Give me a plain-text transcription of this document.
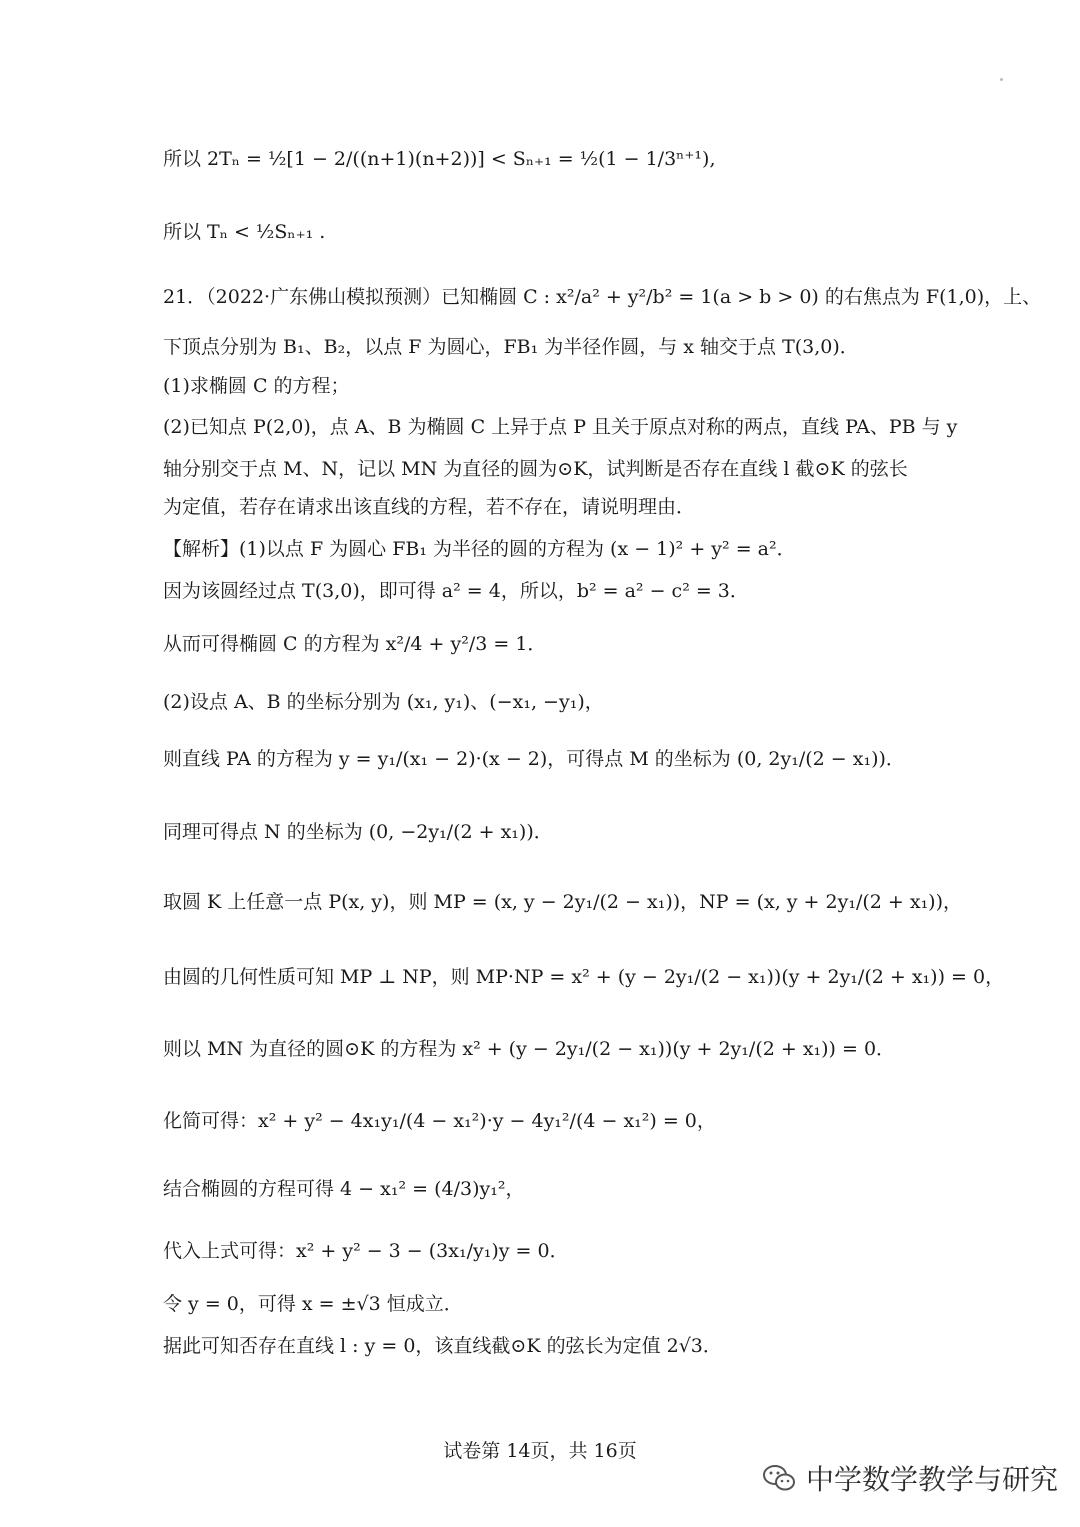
所以 2Tₙ = ½[1 − 2/((n+1)(n+2))] < Sₙ₊₁ = ½(1 − 1/3ⁿ⁺¹),
所以 Tₙ < ½Sₙ₊₁ .
21．（2022·广东佛山模拟预测）已知椭圆 C : x²/a² + y²/b² = 1(a > b > 0) 的右焦点为 F(1,0)，上、
下顶点分别为 B₁、B₂，以点 F 为圆心，FB₁ 为半径作圆，与 x 轴交于点 T(3,0)．
(1)求椭圆 C 的方程；
(2)已知点 P(2,0)，点 A、B 为椭圆 C 上异于点 P 且关于原点对称的两点，直线 PA、PB 与 y
轴分别交于点 M、N，记以 MN 为直径的圆为⊙K，试判断是否存在直线 l 截⊙K 的弦长
为定值，若存在请求出该直线的方程，若不存在，请说明理由．
【解析】(1)以点 F 为圆心 FB₁ 为半径的圆的方程为 (x − 1)² + y² = a²．
因为该圆经过点 T(3,0)，即可得 a² = 4，所以，b² = a² − c² = 3．
从而可得椭圆 C 的方程为 x²/4 + y²/3 = 1．
(2)设点 A、B 的坐标分别为 (x₁, y₁)、(−x₁, −y₁)，
则直线 PA 的方程为 y = y₁/(x₁ − 2)·(x − 2)，可得点 M 的坐标为 (0, 2y₁/(2 − x₁))．
同理可得点 N 的坐标为 (0, −2y₁/(2 + x₁))．
取圆 K 上任意一点 P(x, y)，则 MP = (x, y − 2y₁/(2 − x₁))，NP = (x, y + 2y₁/(2 + x₁))，
由圆的几何性质可知 MP ⊥ NP，则 MP·NP = x² + (y − 2y₁/(2 − x₁))(y + 2y₁/(2 + x₁)) = 0，
则以 MN 为直径的圆⊙K 的方程为 x² + (y − 2y₁/(2 − x₁))(y + 2y₁/(2 + x₁)) = 0．
化简可得：x² + y² − 4x₁y₁/(4 − x₁²)·y − 4y₁²/(4 − x₁²) = 0，
结合椭圆的方程可得 4 − x₁² = (4/3)y₁²，
代入上式可得：x² + y² − 3 − (3x₁/y₁)y = 0．
令 y = 0，可得 x = ±√3 恒成立．
据此可知否存在直线 l : y = 0，该直线截⊙K 的弦长为定值 2√3．
试卷第 14页，共 16页
中学数学教学与研究
